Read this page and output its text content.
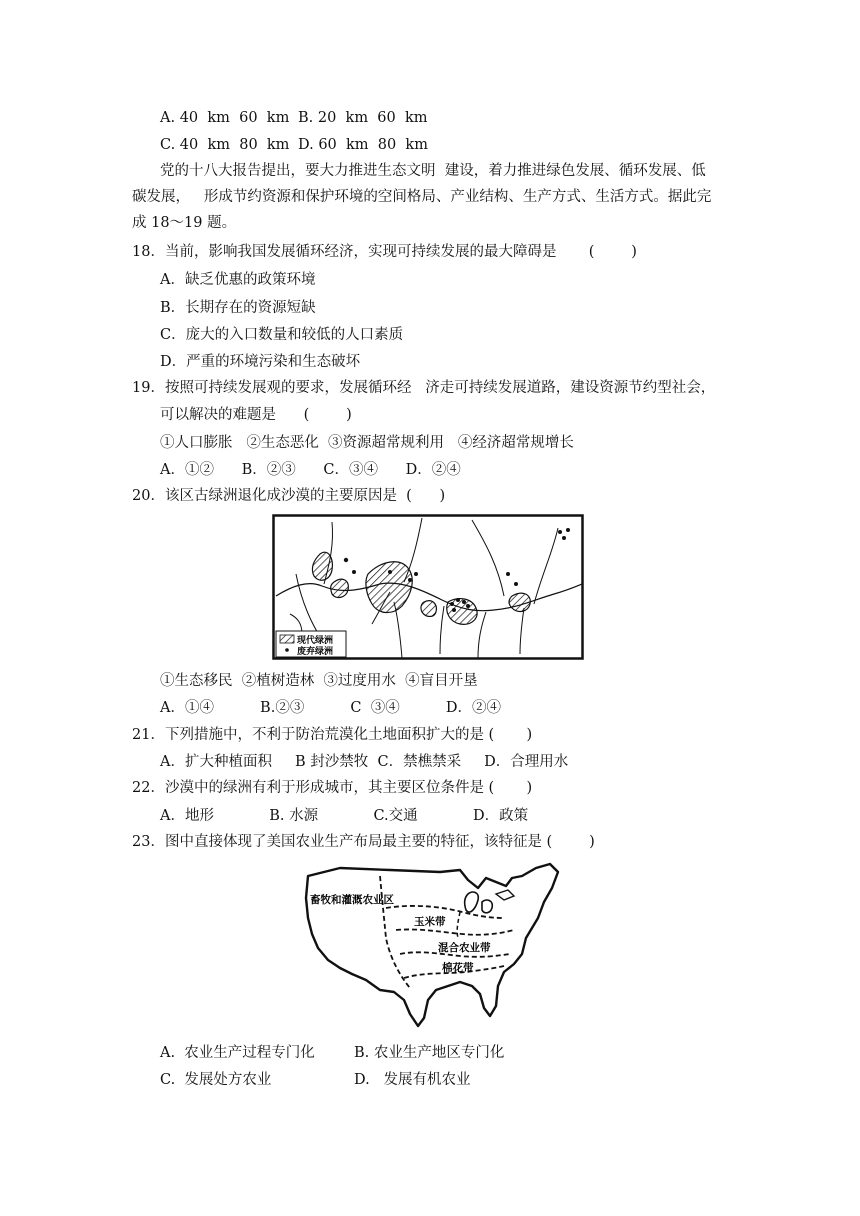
A. 40  km  60  km B. 20  km  60  km
C. 40  km  80  km D. 60  km  80  km
党的十八大报告提出，要大力推进生态文明  建设，着力推进绿色发展、循环发展、低
碳发展，   形成节约资源和保护环境的空间格局、产业结构、生产方式、生活方式。据此完
成 18～19 题。
18．当前，影响我国发展循环经济，实现可持续发展的最大障碍是       (        )
A．缺乏优惠的政策环境
B．长期存在的资源短缺
C．庞大的入口数量和较低的人口素质
D．严重的环境污染和生态破坏
19．按照可持续发展观的要求，发展循环经   济走可持续发展道路，建设资源节约型社会，
可以解决的难题是      (        )
①人口膨胀   ②生态恶化  ③资源超常规利用   ④经济超常规增长
A．①②      B．②③      C．③④      D．②④
20．该区古绿洲退化成沙漠的主要原因是  (      )
现代绿洲
废弃绿洲
①生态移民  ②植树造林  ③过度用水  ④盲目开垦
A．①④          B.②③          C  ③④          D．②④
21．下列措施中，不利于防治荒漠化土地面积扩大的是 (       )
A．扩大种植面积     B 封沙禁牧  C．禁樵禁采     D．合理用水
22．沙漠中的绿洲有利于形成城市，其主要区位条件是 (       )
A．地形            B. 水源            C.交通            D．政策
23．图中直接体现了美国农业生产布局最主要的特征，该特征是 (        )
畜牧和灌溉农业区
玉米带
混合农业带
棉花带
A.  农业生产过程专门化	B. 农业生产地区专门化
C.  发展处方农业	D.   发展有机农业
